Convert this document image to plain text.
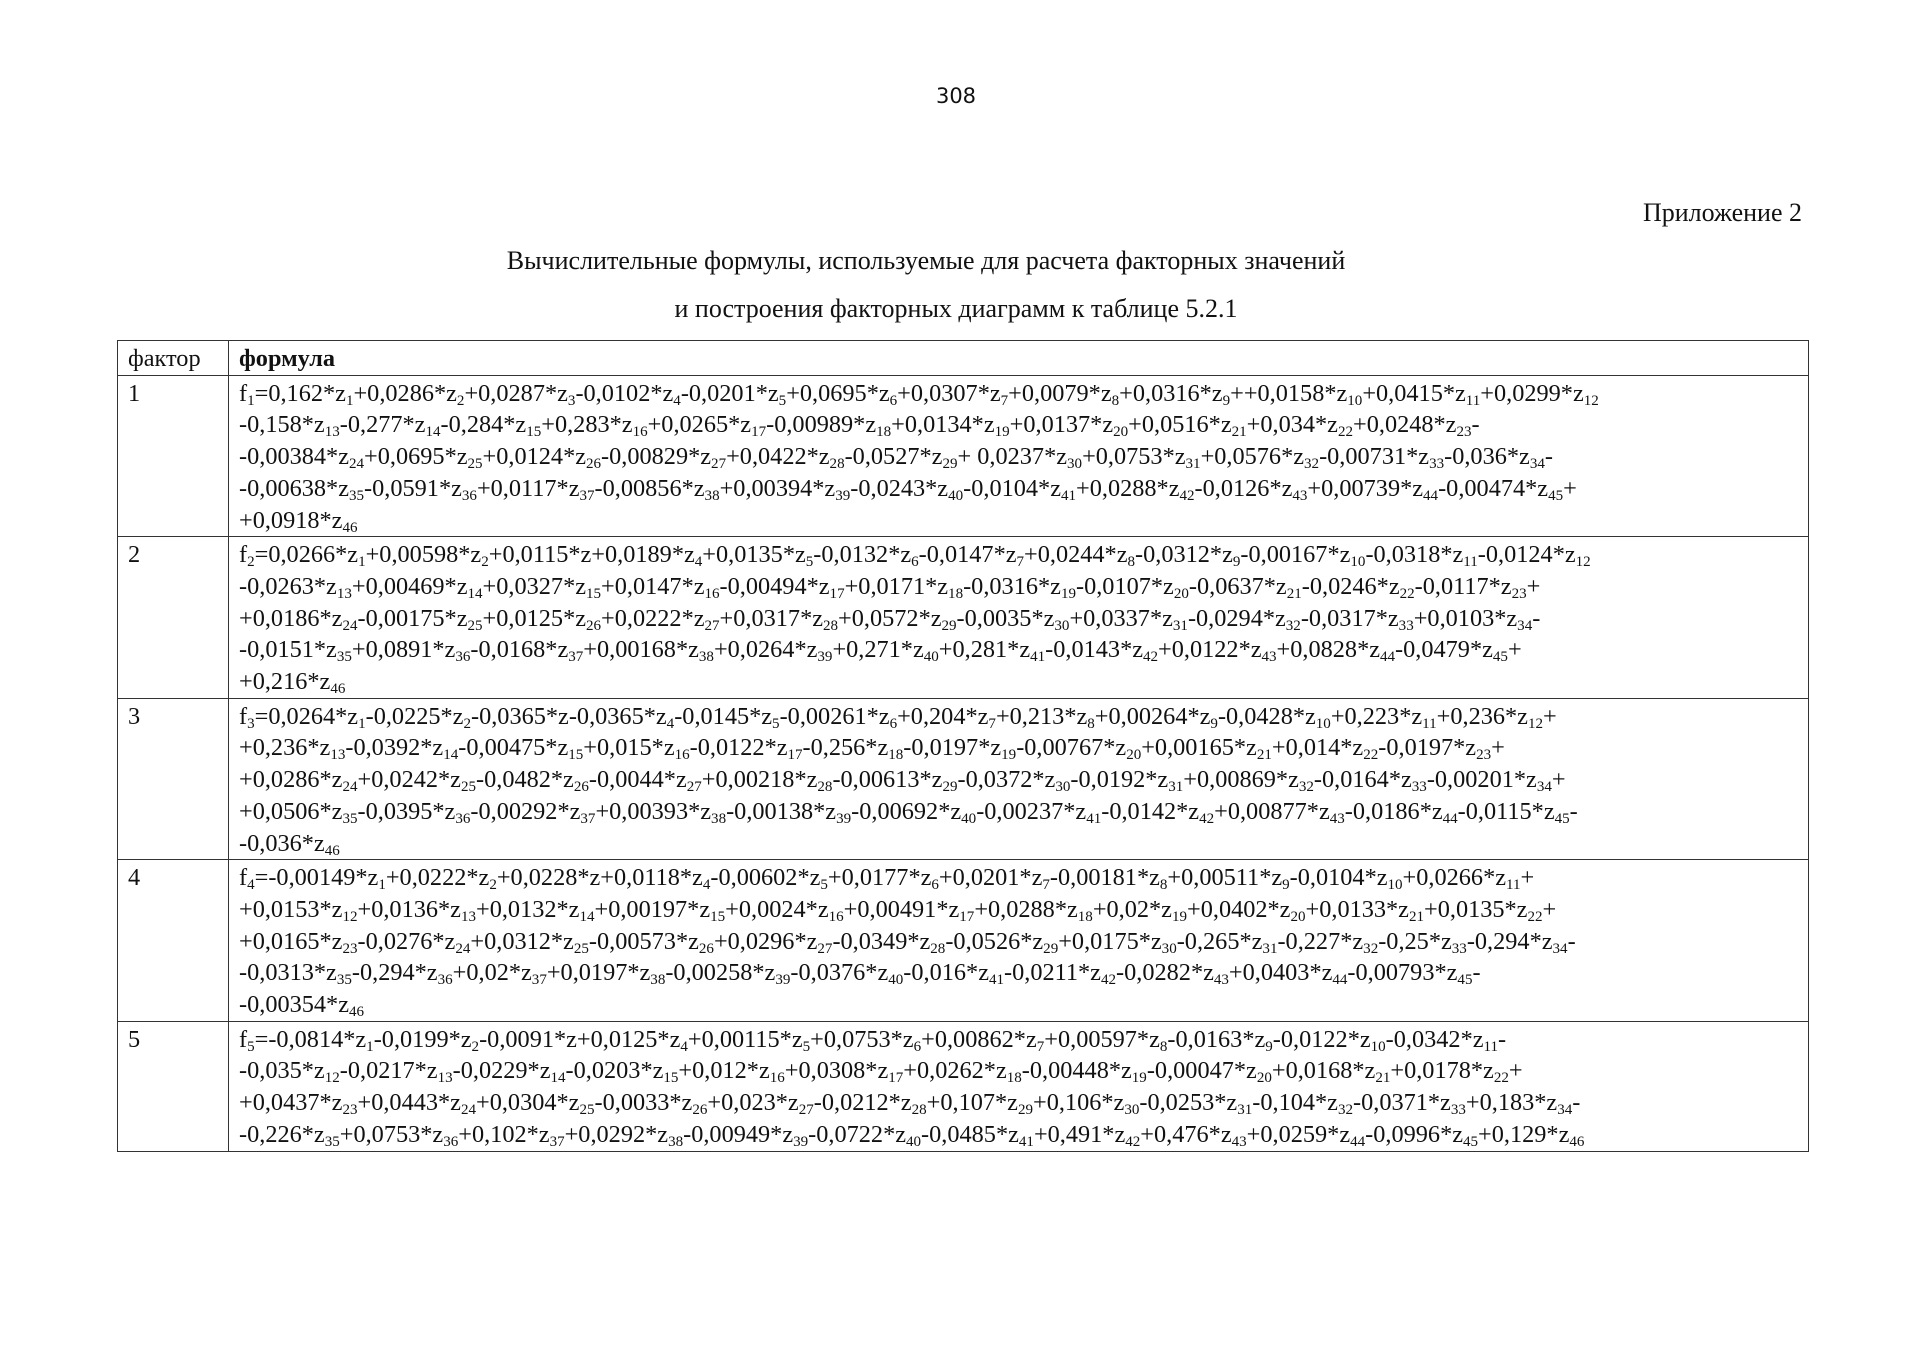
308
Приложение 2
Вычислительные формулы, используемые для расчета факторных значений
и построения факторных диаграмм к таблице 5.2.1
фактор	формула
1	$f_1=0,162*z_1+0,0286*z_2+0,0287*z_3-0,0102*z_4-0,0201*z_5+0,0695*z_6+0,0307*z_7+0,0079*z_8+0,0316*z_9++0,0158*z_{10}+0,0415*z_{11}+0,0299*{}z_{12}$
$-0,158*z_{13}-0,277*z_{14}-0,284*z_{15}+0,283*z_{16}+0,0265*z_{17}-0,00989*z_{18}+0,0134*z_{19}+0,0137*z_{20}+0,0516*z_{21}+0,034*z_{22}+0,0248*z_{23}-$
$-0,00384*z_{24}+0,0695*z_{25}+0,0124*z_{26}-0,00829*z_{27}+0,0422*z_{28}-0,0527*z_{29}+ 0,0237*z_{30}+0,0753*z_{31}+0,0576*z_{32}-0,00731*z_{33}-0,036*z_{34}-$
$-0,00638*z_{35}-0,0591*z_{36}+0,0117*z_{37}-0,00856*z_{38}+0,00394*z_{39}-0,0243*z_{40}-0,0104*z_{41}+0,0288*z_{42}-0,0126*z_{43}+0,00739*z_{44}-0,00474*z_{45}+$
$+0,0918*z_{46}$

2	$f_2=0,0266*z_1+0,00598*z_2+0,0115*z+0,0189*z_4+0,0135*z_5-0,0132*z_6-0,0147*z_7+0,0244*z_8-0,0312*z_9-0,00167*z_{10}-0,0318*z_{11}-0,0124{}*z_{12}$
$-0,0263*z_{13}+0,00469*z_{14}+0,0327*z_{15}+0,0147*z_{16}-0,00494*z_{17}+0,0171*z_{18}-0,0316*z_{19}-0,0107*z_{20}-0,0637*z_{21}-0,0246*z_{22}-0,0117*z_{23}+$
$+0,0186*z_{24}-0,00175*z_{25}+0,0125*z_{26}+0,0222*z_{27}+0,0317*z_{28}+0,0572*z_{29}-0,0035*z_{30}+0,0337*z_{31}-0,0294*z_{32}-0,0317*z_{33}+0,0103*z_{34}-$
$-0,0151*z_{35}+0,0891*z_{36}-0,0168*z_{37}+0,00168*z_{38}+0,0264*z_{39}+0,271*z_{40}+0,281*z_{41}-0,0143*z_{42}+0,0122*z_{43}+0,0828*z_{44}-0,0479*z_{45}+$
$+0,216*z_{46}$

3	$f_3=0,0264*z_1-0,0225*z_2-0,0365*z-0,0365*z_4-0,0145*z_5-0,00261*z_6+0,204*z_7+0,213*z_8+0,00264*z_9-0,0428*z_{10}+0,223*z_{11}+0,236*z_{12}+$
$+0,236*z_{13}-0,0392*z_{14}-0,00475*z_{15}+0,015*z_{16}-0,0122*z_{17}-0,256*z_{18}-0,0197*z_{19}-0,00767*z_{20}+0,00165*z_{21}+0,014*z_{22}-0,0197*z_{23}+$
$+0,0286*z_{24}+0,0242*z_{25}-0,0482*z_{26}-0,0044*z_{27}+0,00218*z_{28}-0,00613*z_{29}-0,0372*z_{30}-0,0192*z_{31}+0,00869*z_{32}-0,0164*z_{33}-0,00201*z_{34}+$
$+0,0506*z_{35}-0,0395*z_{36}-0,00292*z_{37}+0,00393*z_{38}-0,00138*z_{39}-0,00692*z_{40}-0,00237*z_{41}-0,0142*z_{42}+0,00877*z_{43}-0,0186*z_{44}-0,0115*z_{45}-$
$-0,036*z_{46}$

4	$f_4=-0,00149*z_1+0,0222*z_2+0,0228*z+0,0118*z_4-0,00602*z_5+0,0177*z_6+0,0201*z_7-0,00181*z_8+0,00511*z_9-0,0104*z_{10}+0,0266*z_{11}+$
$+0,0153*z_{12}+0,0136*z_{13}+0,0132*z_{14}+0,00197*z_{15}+0,0024*z_{16}+0,00491*z_{17}+0,0288*z_{18}+0,02*z_{19}+0,0402*z_{20}+0,0133*z_{21}+0,0135*z_{22}+$
$+0,0165*z_{23}-0,0276*z_{24}+0,0312*z_{25}-0,00573*z_{26}+0,0296*z_{27}-0,0349*z_{28}-0,0526*z_{29}+0,0175*z_{30}-0,265*z_{31}-0,227*z_{32}-0,25*z_{33}-0,294*z_{34}-$
$-0,0313*z_{35}-0,294*z_{36}+0,02*z_{37}+0,0197*z_{38}-0,00258*z_{39}-0,0376*z_{40}-0,016*z_{41}-0,0211*z_{42}-0,0282*z_{43}+0,0403*z_{44}-0,00793*z_{45}-$
$-0,00354*z_{46}$

5	$f_5=-0,0814*z_1-0,0199*z_2-0,0091*z+0,0125*z_4+0,00115*z_5+0,0753*z_6+0,00862*z_7+0,00597*z_8-0,0163*z_9-0,0122*z_{10}-0,0342*z_{11}-$
$-0,035*z_{12}-0,0217*z_{13}-0,0229*z_{14}-0,0203*z_{15}+0,012*z_{16}+0,0308*z_{17}+0,0262*z_{18}-0,00448*z_{19}-0,00047*z_{20}+0,0168*z_{21}+0,0178*z_{22}+$
$+0,0437*z_{23}+0,0443*z_{24}+0,0304*z_{25}-0,0033*z_{26}+0,023*z_{27}-0,0212*z_{28}+0,107*z_{29}+0,106*z_{30}-0,0253*z_{31}-0,104*z_{32}-0,0371*z_{33}+0,183*z_{34}-$
$-0,226*z_{35}+0,0753*z_{36}+0,102*z_{37}+0,0292*z_{38}-0,00949*z_{39}-0,0722*z_{40}-0,0485*z_{41}+0,491*z_{42}+0,476*z_{43}+0,0259*z_{44}-0,0996*z_{45}+0,129*z_{46}$
